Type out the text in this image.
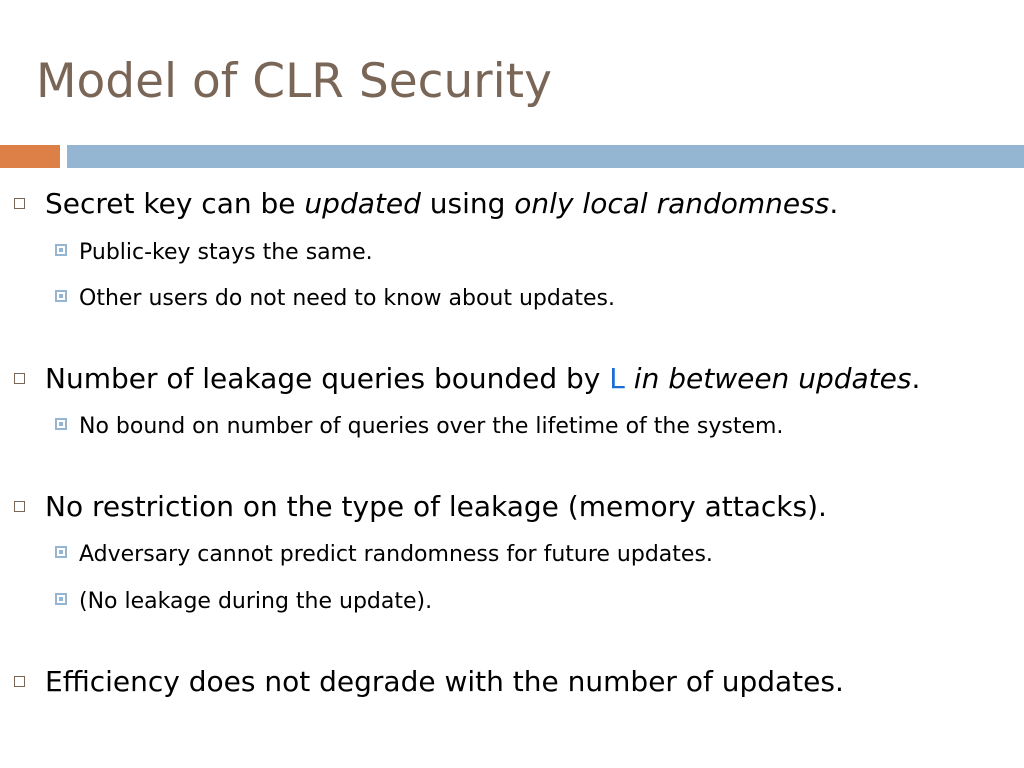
Model of CLR Security
Secret key can be updated using only local randomness.
Public-key stays the same.
Other users do not need to know about updates.
Number of leakage queries bounded by L in between updates.
No bound on number of queries over the lifetime of the system.
No restriction on the type of leakage (memory attacks).
Adversary cannot predict randomness for future updates.
(No leakage during the update).
Efficiency does not degrade with the number of updates.
